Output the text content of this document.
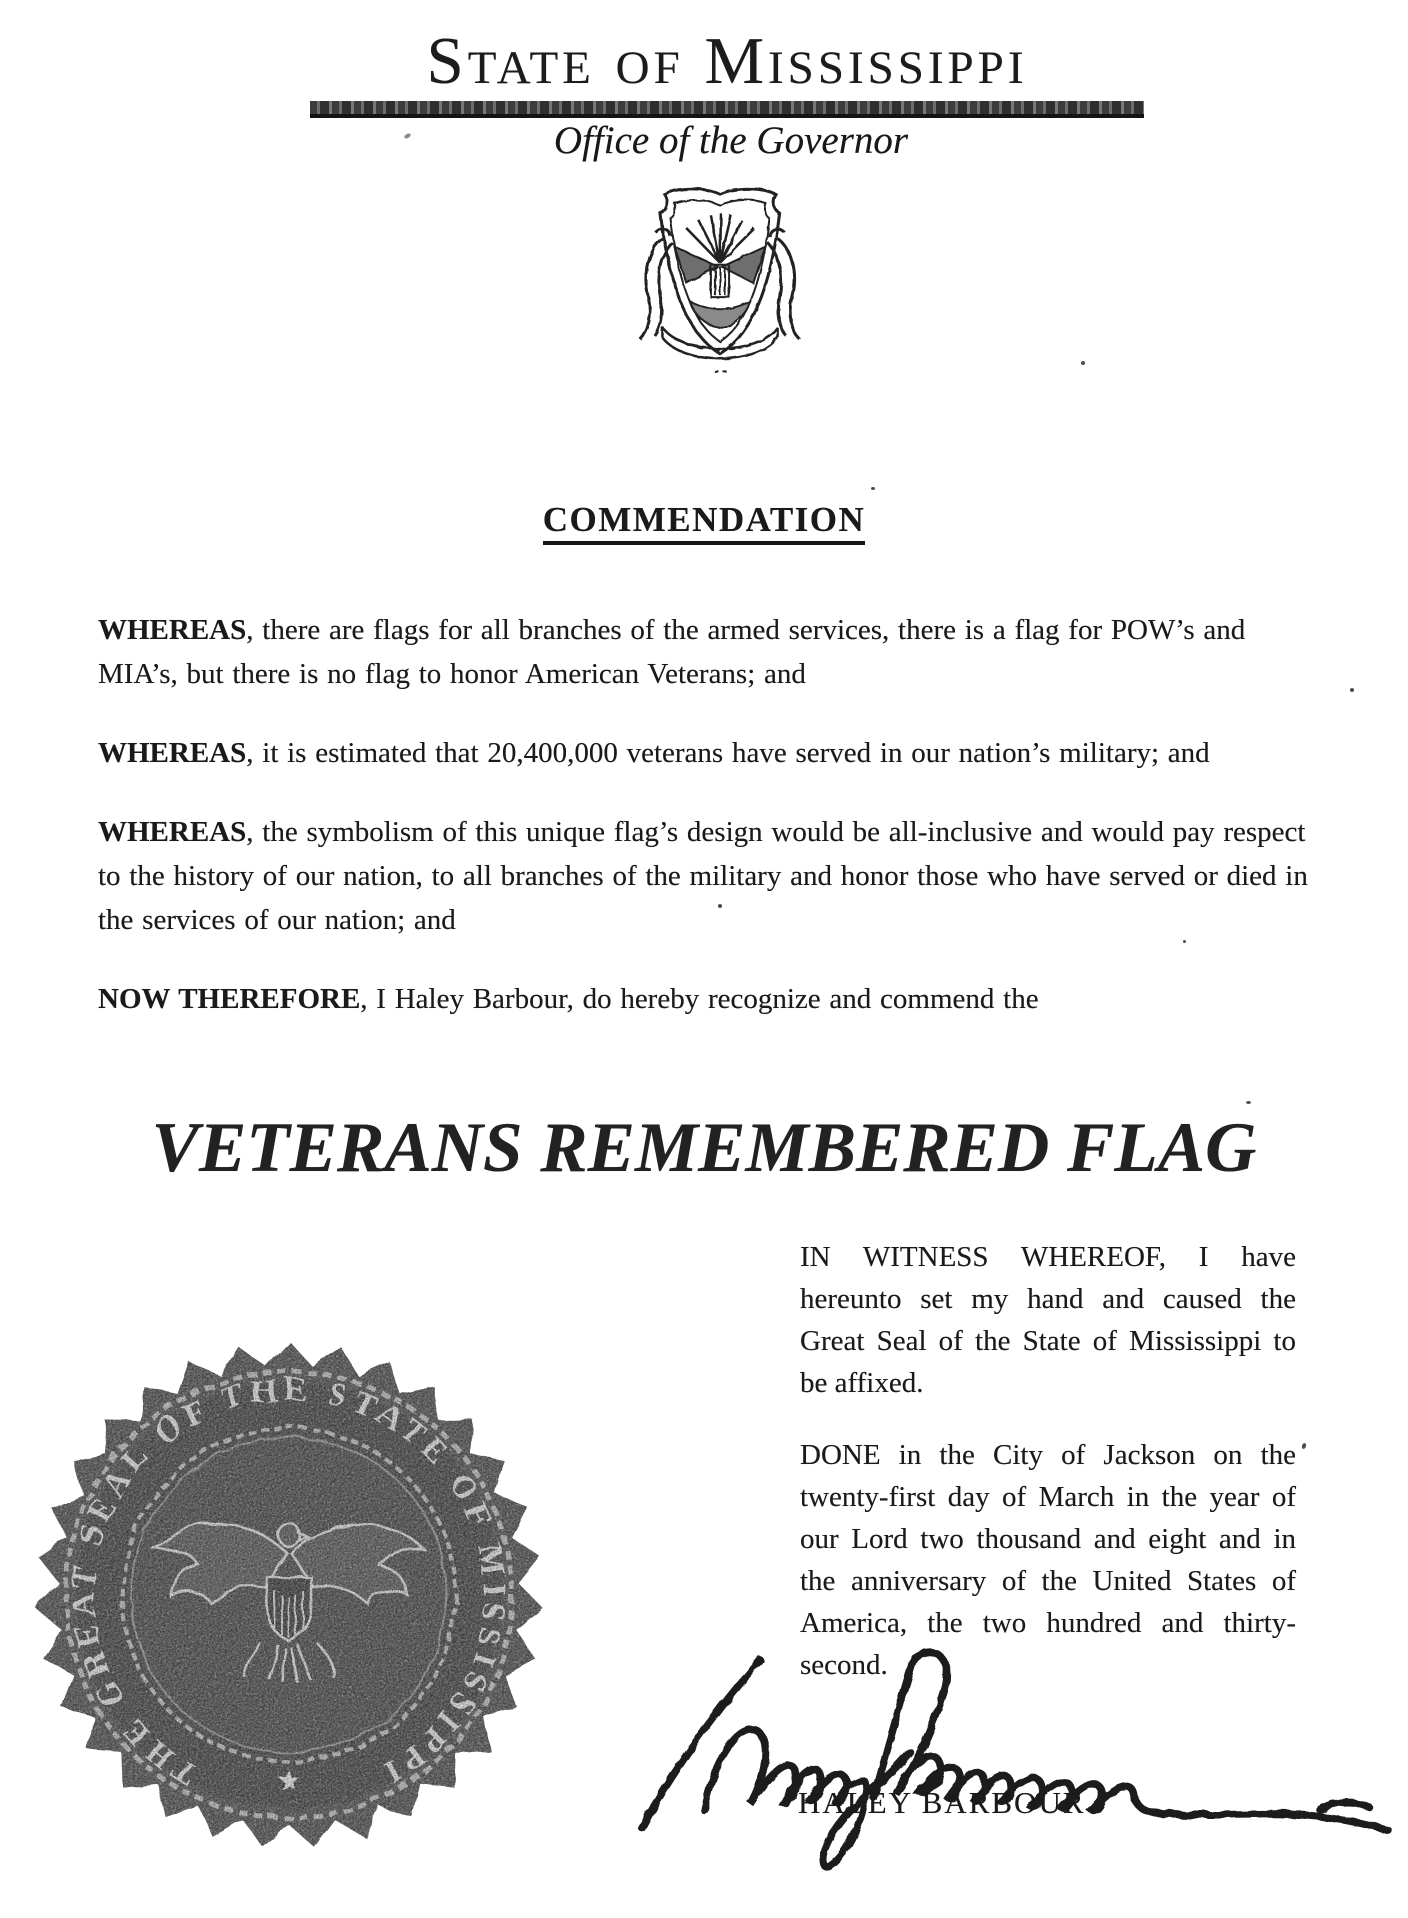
State of Mississippi
Office of the Governor
COMMENDATION

WHEREAS, there are flags for all branches of the armed services, there is a flag for POW’s and MIA’s, but there is no flag to honor American Veterans; and

WHEREAS, it is estimated that 20,400,000 veterans have served in our nation’s military; and

WHEREAS, the symbolism of this unique flag’s design would be all-inclusive and would pay respect to the history of our nation, to all branches of the military and honor those who have served or died in the services of our nation; and

NOW THEREFORE, I Haley Barbour, do hereby recognize and commend the

VETERANS REMEMBERED FLAG

IN WITNESS WHEREOF, I have hereunto set my hand and caused the Great Seal of the State of Mississippi to be affixed.

DONE in the City of Jackson on the twenty-first day of March in the year of our Lord two thousand and eight and in the anniversary of the United States of America, the two hundred and thirty-second.

HALEY BARBOUR
